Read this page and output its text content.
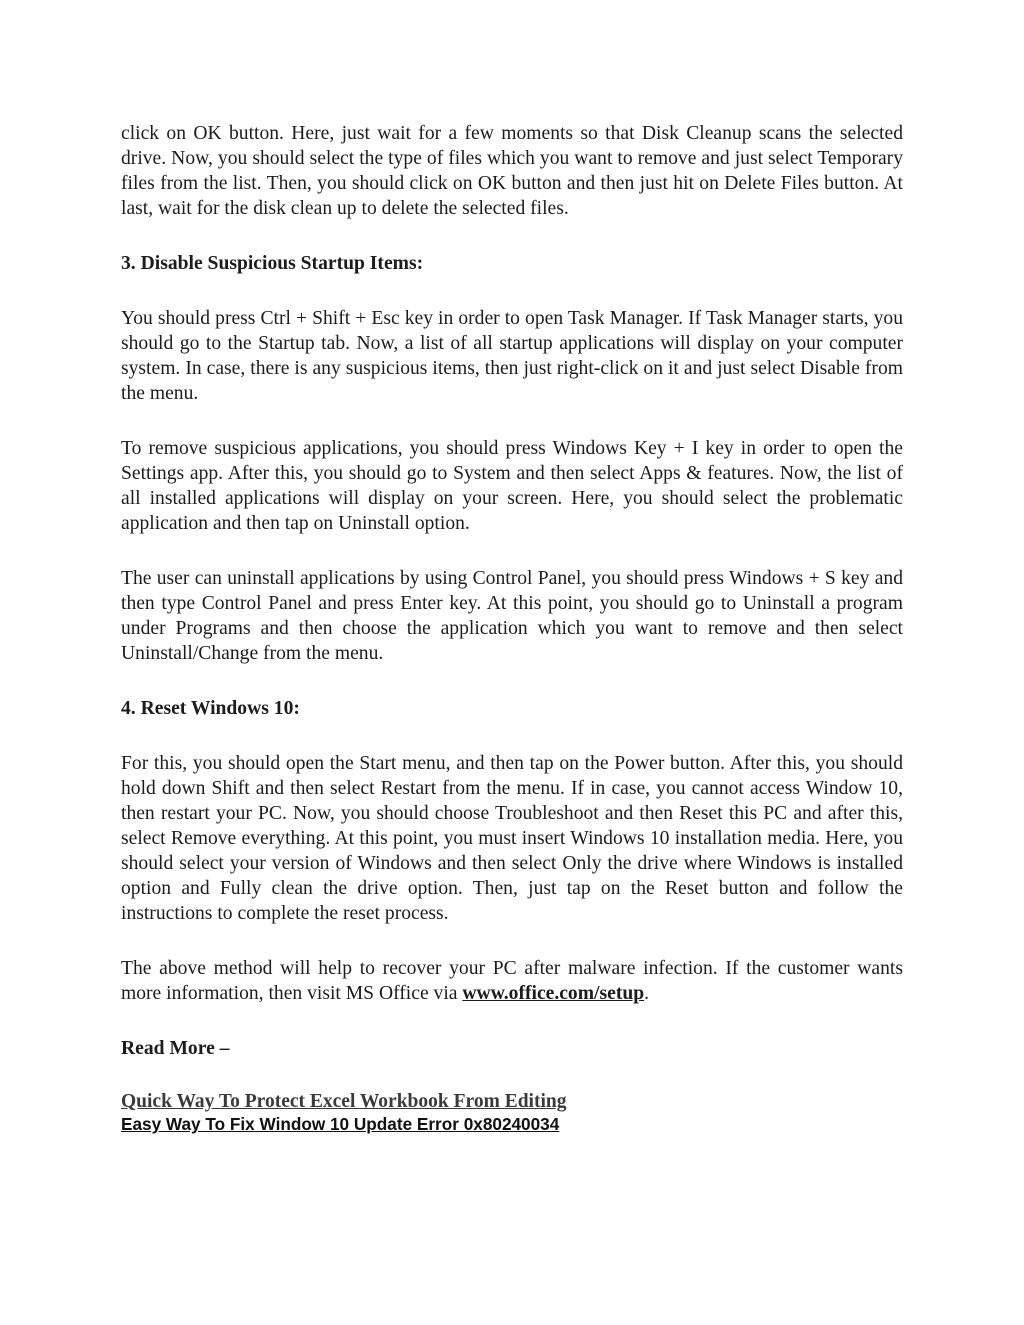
click on OK button. Here, just wait for a few moments so that Disk Cleanup scans the selected drive. Now, you should select the type of files which you want to remove and just select Temporary files from the list. Then, you should click on OK button and then just hit on Delete Files button. At last, wait for the disk clean up to delete the selected files.

3. Disable Suspicious Startup Items:

You should press Ctrl + Shift + Esc key in order to open Task Manager. If Task Manager starts, you should go to the Startup tab. Now, a list of all startup applications will display on your computer system. In case, there is any suspicious items, then just right-click on it and just select Disable from the menu.

To remove suspicious applications, you should press Windows Key + I key in order to open the Settings app. After this, you should go to System and then select Apps & features. Now, the list of all installed applications will display on your screen. Here, you should select the problematic application and then tap on Uninstall option.

The user can uninstall applications by using Control Panel, you should press Windows + S key and then type Control Panel and press Enter key. At this point, you should go to Uninstall a program under Programs and then choose the application which you want to remove and then select Uninstall/Change from the menu.

4. Reset Windows 10:

For this, you should open the Start menu, and then tap on the Power button. After this, you should hold down Shift and then select Restart from the menu. If in case, you cannot access Window 10, then restart your PC. Now, you should choose Troubleshoot and then Reset this PC and after this, select Remove everything. At this point, you must insert Windows 10 installation media. Here, you should select your version of Windows and then select Only the drive where Windows is installed option and Fully clean the drive option. Then, just tap on the Reset button and follow the instructions to complete the reset process.

The above method will help to recover your PC after malware infection. If the customer wants more information, then visit MS Office via www.office.com/setup.

Read More –

Quick Way To Protect Excel Workbook From Editing
Easy Way To Fix Window 10 Update Error 0x80240034
